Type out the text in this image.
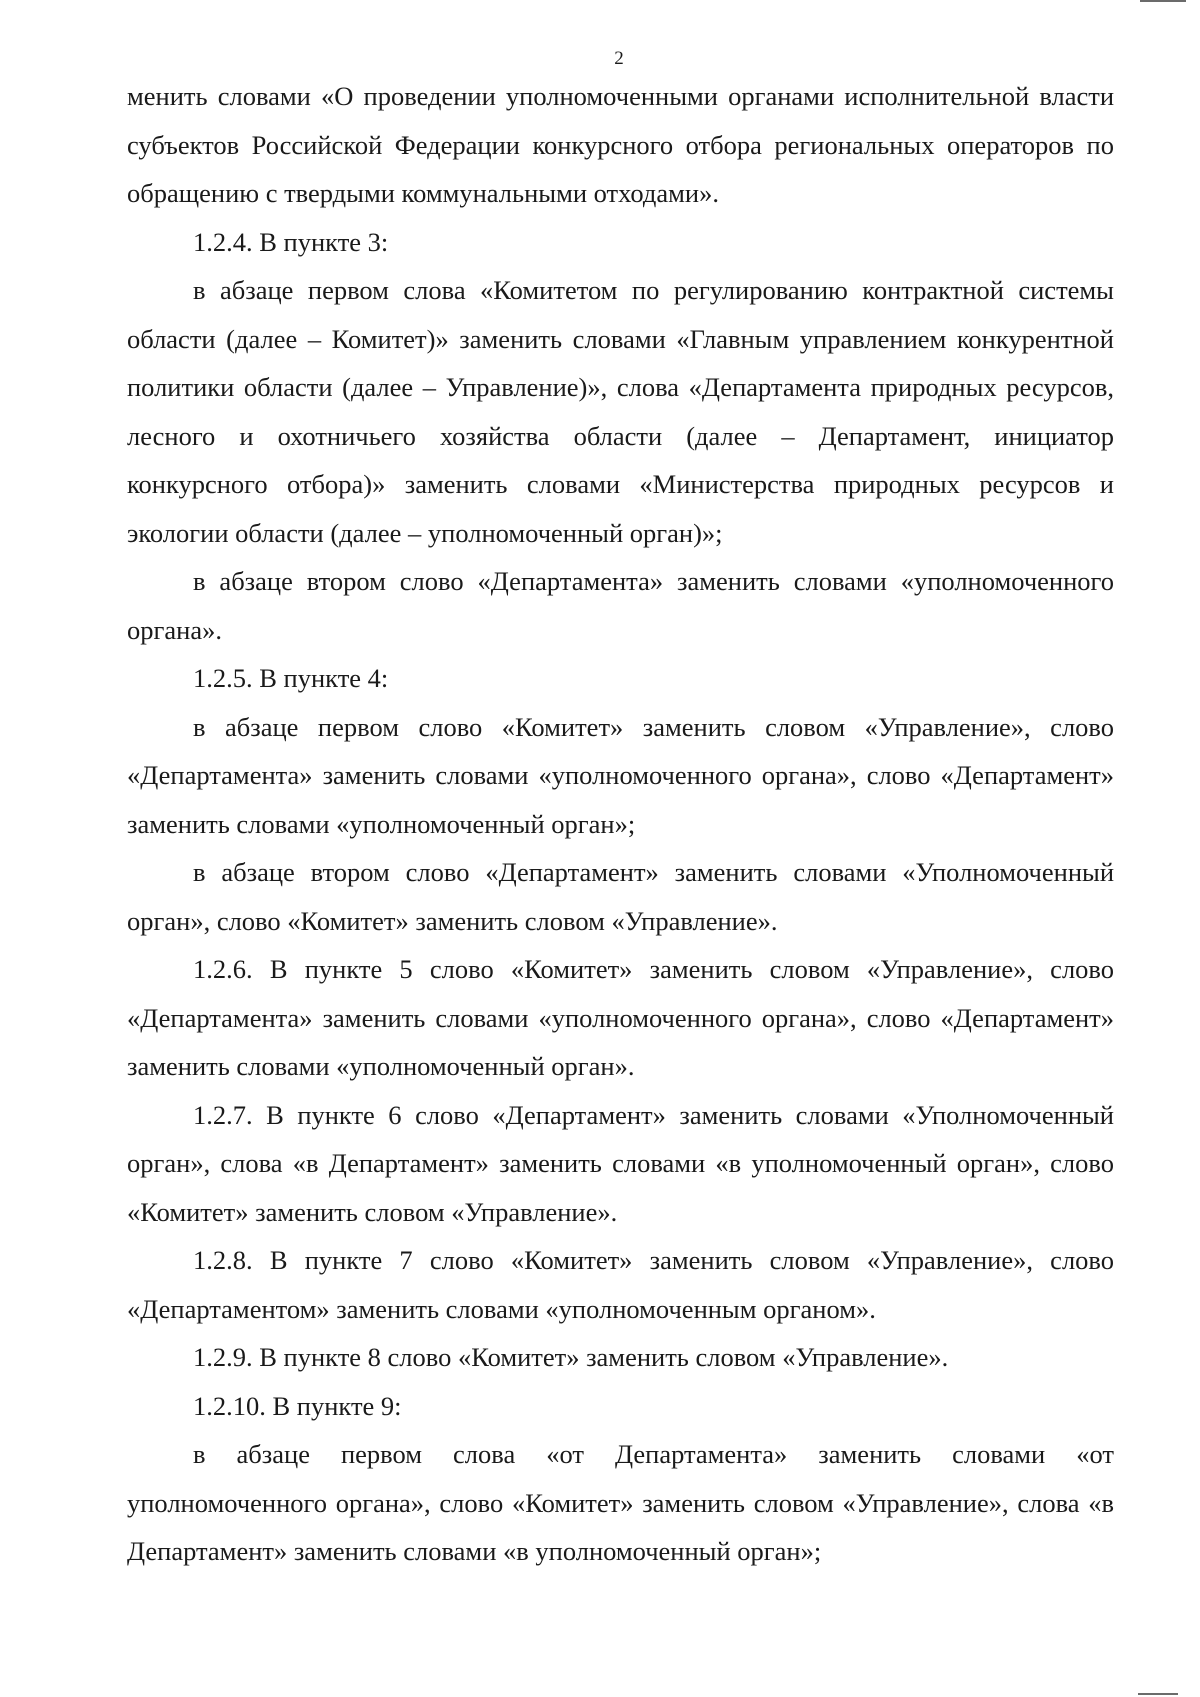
2

менить словами «О проведении уполномоченными органами исполнительной власти субъектов Российской Федерации конкурсного отбора региональных операторов по обращению с твердыми коммунальными отходами».

1.2.4. В пункте 3:

в абзаце первом слова «Комитетом по регулированию контрактной системы области (далее – Комитет)» заменить словами «Главным управлением конкурентной политики области (далее – Управление)», слова «Департамента природных ресурсов, лесного и охотничьего хозяйства области (далее – Департамент, инициатор конкурсного отбора)» заменить словами «Министерства природных ресурсов и экологии области (далее – уполномоченный орган)»;

в абзаце втором слово «Департамента» заменить словами «уполномоченного органа».

1.2.5. В пункте 4:

в абзаце первом слово «Комитет» заменить словом «Управление», слово «Департамента» заменить словами «уполномоченного органа», слово «Департамент» заменить словами «уполномоченный орган»;

в абзаце втором слово «Департамент» заменить словами «Уполномоченный орган», слово «Комитет» заменить словом «Управление».

1.2.6. В пункте 5 слово «Комитет» заменить словом «Управление», слово «Департамента» заменить словами «уполномоченного органа», слово «Департамент» заменить словами «уполномоченный орган».

1.2.7. В пункте 6 слово «Департамент» заменить словами «Уполномоченный орган», слова «в Департамент» заменить словами «в уполномоченный орган», слово «Комитет» заменить словом «Управление».

1.2.8. В пункте 7 слово «Комитет» заменить словом «Управление», слово «Департаментом» заменить словами «уполномоченным органом».

1.2.9. В пункте 8 слово «Комитет» заменить словом «Управление».

1.2.10. В пункте 9:

в абзаце первом слова «от Департамента» заменить словами «от уполномоченного органа», слово «Комитет» заменить словом «Управление», слова «в Департамент» заменить словами «в уполномоченный орган»;
